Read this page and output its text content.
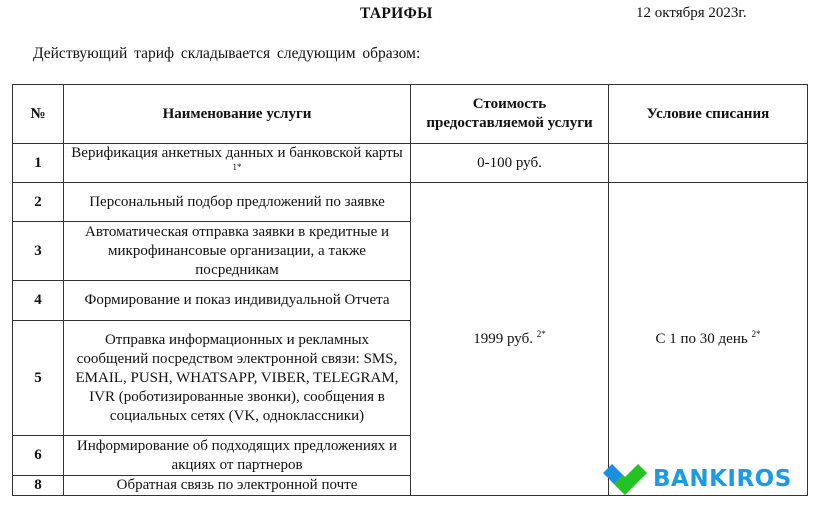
ТАРИФЫ	12 октября 2023г.
Действующий тариф складывается следующим образом:
№	Наименование услуги	Стоимость предоставляемой услуги	Условие списания
1	Верификация анкетных данных и банковской карты $^{1*}$	0-100 руб.	
2	Персональный подбор предложений по заявке	1999 руб. $^{2*}$	С 1 по 30 день $^{2*}$
3	Автоматическая отправка заявки в кредитные и микрофинансовые организации, а также посредникам		
4	Формирование и показ индивидуальной Отчета		
5	Отправка информационных и рекламных сообщений посредством электронной связи: SMS, EMAIL, PUSH, WHATSAPP, VIBER, TELEGRAM, IVR (роботизированные звонки), сообщения в социальных сетях (VK, одноклассники)		
6	Информирование об подходящих предложениях и акциях от партнеров		
8	Обратная связь по электронной почте			BANKIROS
